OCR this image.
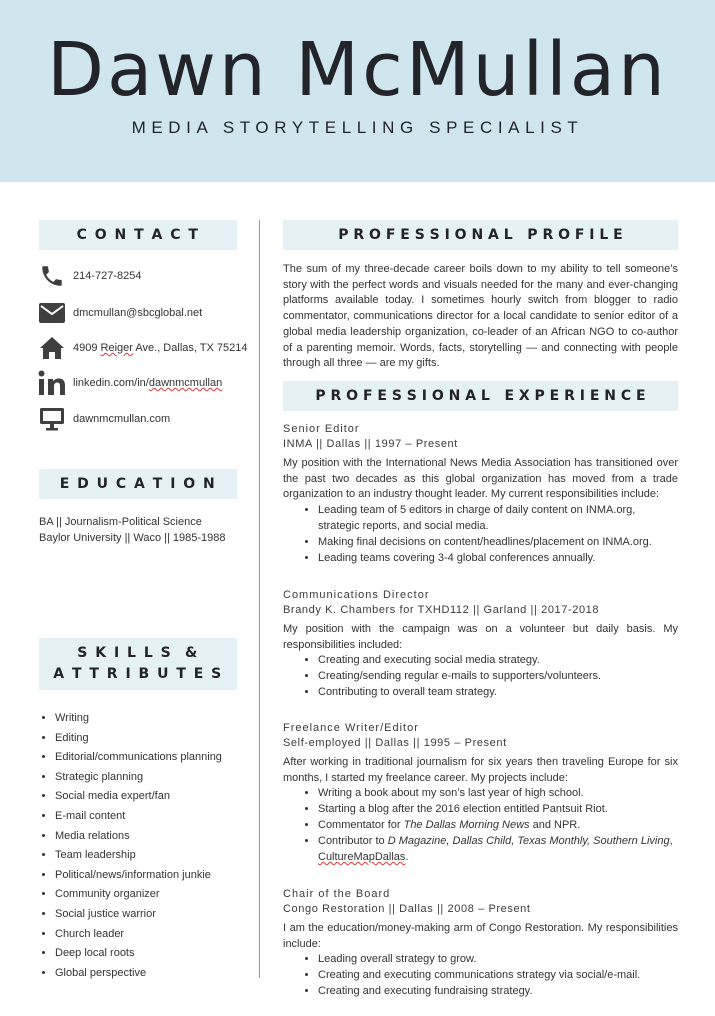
Dawn McMullan
MEDIA STORYTELLING SPECIALIST
C O N T A C T
214-727-8254
dmcmullan@sbcglobal.net
4909 Reiger Ave., Dallas, TX 75214
linkedin.com/in/dawnmcmullan
dawnmcmullan.com
E D U C A T I O N
BA || Journalism-Political Science
Baylor University || Waco || 1985-1988
S K I L L S  &
A T T R I B U T E S
• Writing
• Editing
• Editorial/communications planning
• Strategic planning
• Social media expert/fan
• E-mail content
• Media relations
• Team leadership
• Political/news/information junkie
• Community organizer
• Social justice warrior
• Church leader
• Deep local roots
• Global perspective
P R O F E S S I O N A L   P R O F I L E
The sum of my three-decade career boils down to my ability to tell someone’s story with the perfect words and visuals needed for the many and ever-changing platforms available today. I sometimes hourly switch from blogger to radio commentator, communications director for a local candidate to senior editor of a global media leadership organization, co-leader of an African NGO to co-author of a parenting memoir. Words, facts, storytelling — and connecting with people through all three — are my gifts.
P R O F E S S I O N A L   E X P E R I E N C E
Senior Editor
INMA || Dallas || 1997 – Present
My position with the International News Media Association has transitioned over the past two decades as this global organization has moved from a trade organization to an industry thought leader. My current responsibilities include:
• Leading team of 5 editors in charge of daily content on INMA.org, strategic reports, and social media.
• Making final decisions on content/headlines/placement on INMA.org.
• Leading teams covering 3-4 global conferences annually.
Communications Director
Brandy K. Chambers for TXHD112 || Garland || 2017-2018
My position with the campaign was on a volunteer but daily basis. My responsibilities included:
• Creating and executing social media strategy.
• Creating/sending regular e-mails to supporters/volunteers.
• Contributing to overall team strategy.
Freelance Writer/Editor
Self-employed || Dallas || 1995 – Present
After working in traditional journalism for six years then traveling Europe for six months, I started my freelance career. My projects include:
• Writing a book about my son’s last year of high school.
• Starting a blog after the 2016 election entitled Pantsuit Riot.
• Commentator for The Dallas Morning News and NPR.
• Contributor to D Magazine, Dallas Child, Texas Monthly, Southern Living, CultureMapDallas.
Chair of the Board
Congo Restoration || Dallas || 2008 – Present
I am the education/money-making arm of Congo Restoration. My responsibilities include:
• Leading overall strategy to grow.
• Creating and executing communications strategy via social/e-mail.
• Creating and executing fundraising strategy.
